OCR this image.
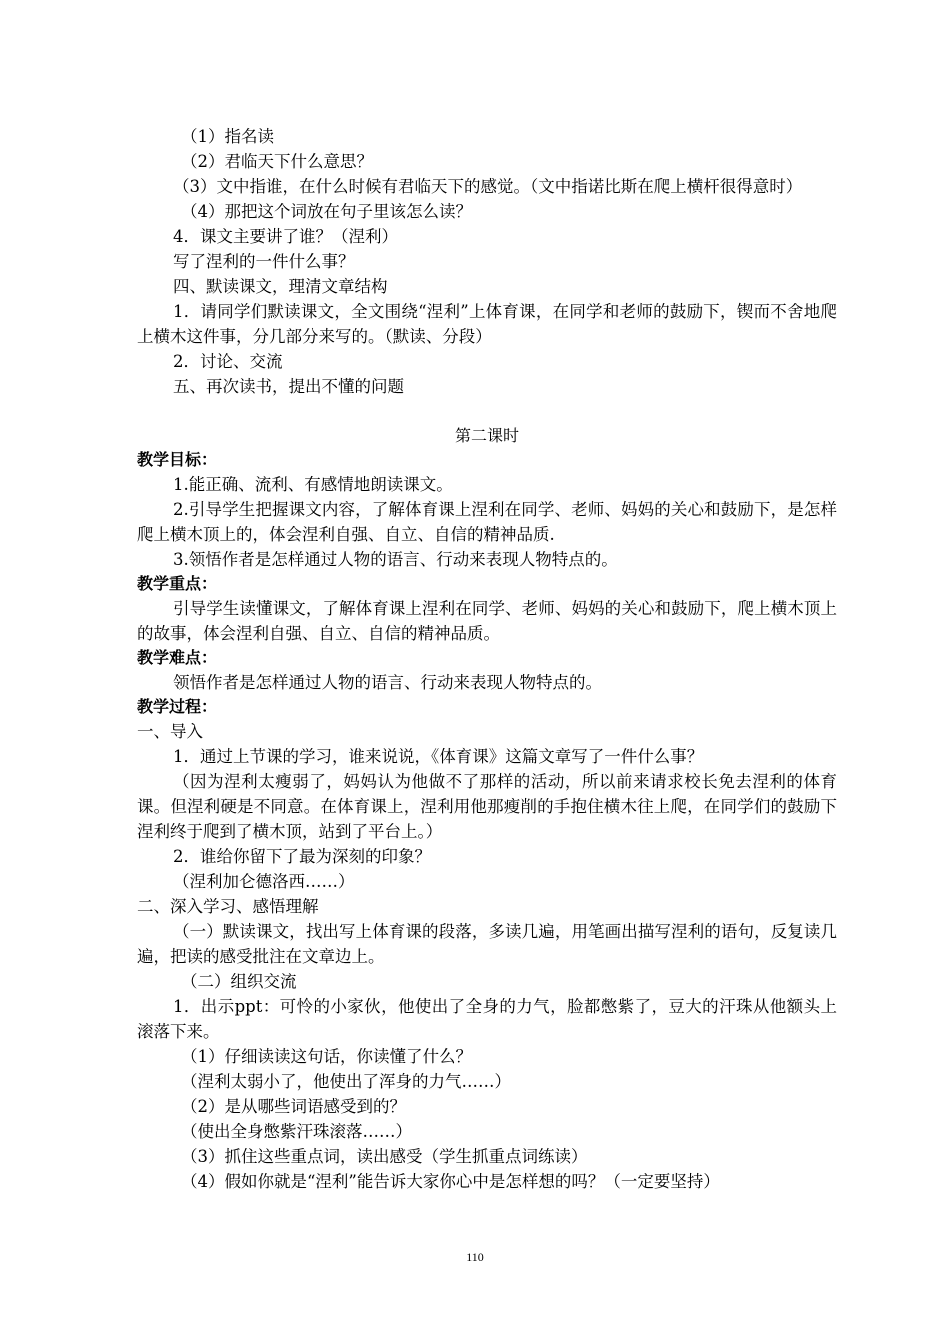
（1）指名读
（2）君临天下什么意思？
（3）文中指谁，在什么时候有君临天下的感觉。（文中指诺比斯在爬上横杆很得意时）
（4）那把这个词放在句子里该怎么读？
4．课文主要讲了谁？（涅利）
写了涅利的一件什么事？
四、默读课文，理清文章结构
1．请同学们默读课文，全文围绕“涅利”上体育课，在同学和老师的鼓励下，锲而不舍地爬上横木这件事，分几部分来写的。（默读、分段）
2．讨论、交流
五、再次读书，提出不懂的问题
第二课时
教学目标：
1.能正确、流利、有感情地朗读课文。
2.引导学生把握课文内容，了解体育课上涅利在同学、老师、妈妈的关心和鼓励下，是怎样爬上横木顶上的，体会涅利自强、自立、自信的精神品质.
3.领悟作者是怎样通过人物的语言、行动来表现人物特点的。
教学重点：
引导学生读懂课文，了解体育课上涅利在同学、老师、妈妈的关心和鼓励下，爬上横木顶上的故事，体会涅利自强、自立、自信的精神品质。
教学难点：
领悟作者是怎样通过人物的语言、行动来表现人物特点的。
教学过程：
一、导入
1．通过上节课的学习，谁来说说，《体育课》这篇文章写了一件什么事？
（因为涅利太瘦弱了，妈妈认为他做不了那样的活动，所以前来请求校长免去涅利的体育课。但涅利硬是不同意。在体育课上，涅利用他那瘦削的手抱住横木往上爬，在同学们的鼓励下涅利终于爬到了横木顶，站到了平台上。）
2．谁给你留下了最为深刻的印象？
（涅利加仑德洛西……）
二、深入学习、感悟理解
（一）默读课文，找出写上体育课的段落，多读几遍，用笔画出描写涅利的语句，反复读几遍，把读的感受批注在文章边上。
（二）组织交流
1．出示ppt：可怜的小家伙，他使出了全身的力气，脸都憋紫了，豆大的汗珠从他额头上滚落下来。
（1）仔细读读这句话，你读懂了什么？
（涅利太弱小了，他使出了浑身的力气……）
（2）是从哪些词语感受到的？
（使出全身憋紫汗珠滚落……）
（3）抓住这些重点词，读出感受（学生抓重点词练读）
（4）假如你就是“涅利”能告诉大家你心中是怎样想的吗？（一定要坚持）
110
